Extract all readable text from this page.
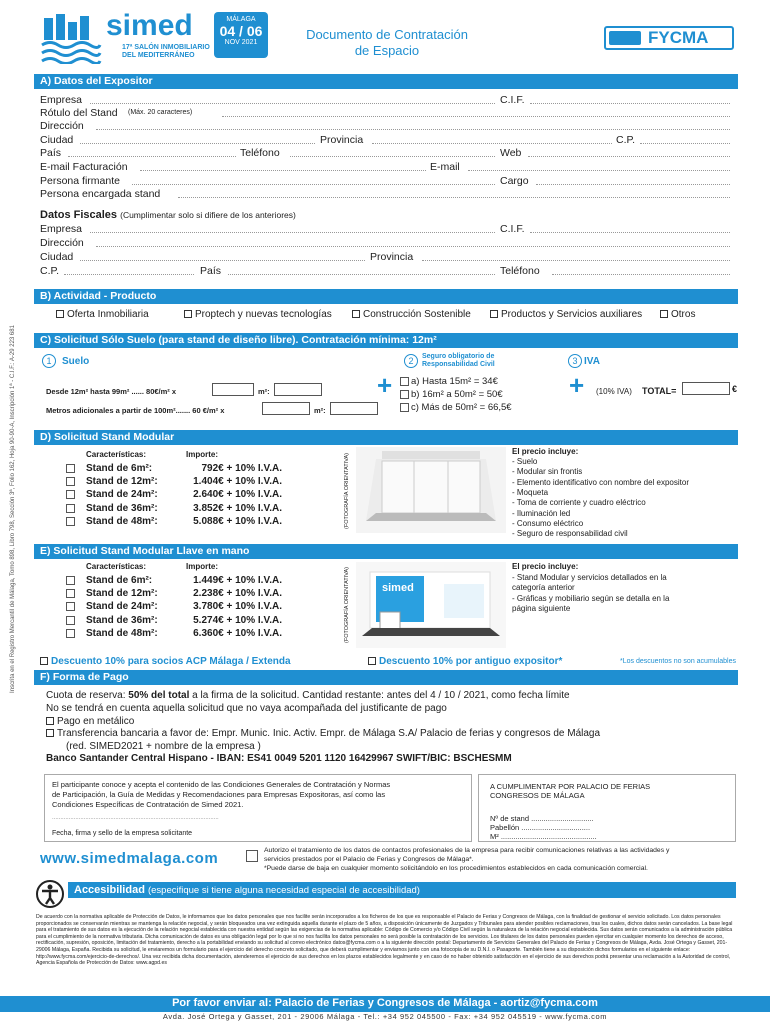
simed
17ª SALÓN INMOBILIARIO
DEL MEDITERRÁNEO
MÁLAGA
04 / 06
NOV 2021
Documento de Contratación
de Espacio
FYCMA
Inscrita en el Registro Mercantil de Málaga, Tomo 898, Libro 798, Sección 3ª, Folio 162, Hoja 90-90-A, Inscripción 1ª - C.I.F.: A-29 223 681
A) Datos del Expositor
Empresa	C.I.F.
Rótulo del Stand (Máx. 20 caracteres)
Dirección
Ciudad	Provincia	C.P.
País	Teléfono	Web
E-mail Facturación	E-mail
Persona firmante	Cargo
Persona encargada stand
Datos Fiscales (Cumplimentar solo si difiere de los anteriores)
Empresa	C.I.F.
Dirección
Ciudad	Provincia
C.P.	País	Teléfono
B) Actividad - Producto
Oferta Inmobiliaria	Proptech y nuevas tecnologías	Construcción Sostenible	Productos y Servicios auxiliares	Otros
C) Solicitud Sólo Suelo (para stand de diseño libre). Contratación mínima: 12m²
1	Suelo
Desde 12m² hasta 99m² ...... 80€/m² x	m²:
Metros adicionales a partir de 100m²....... 60 €/m² x	m²:
+
2	Seguro obligatorio de Responsabilidad Civil
a) Hasta 15m² = 34€
b) 16m² a 50m² = 50€
c) Más de 50m² = 66,5€
+
3 IVA
(10% IVA) TOTAL=	€
D) Solicitud Stand Modular
Características:	Importe:
Stand de 6m²:	792€ + 10% I.V.A.
Stand de 12m²:	1.404€ + 10% I.V.A.
Stand de 24m²:	2.640€ + 10% I.V.A.
Stand de 36m²:	3.852€ + 10% I.V.A.
Stand de 48m²:	5.088€ + 10% I.V.A.	(FOTOGRAFÍA ORIENTATIVA)
El precio incluye:
- Suelo
- Modular sin frontis
- Elemento identificativo con nombre del expositor
- Moqueta
- Toma de corriente y cuadro eléctrico
- Iluminación led
- Consumo eléctrico
- Seguro de responsabilidad civil
E) Solicitud Stand Modular Llave en mano
Características:	Importe:
Stand de 6m²:	1.449€ + 10% I.V.A.
Stand de 12m²:	2.238€ + 10% I.V.A.
Stand de 24m²:	3.780€ + 10% I.V.A.
Stand de 36m²:	5.274€ + 10% I.V.A.
Stand de 48m²:	6.360€ + 10% I.V.A.	(FOTOGRAFÍA ORIENTATIVA)	simed
El precio incluye:
- Stand Modular y servicios detallados en la
categoría anterior
- Gráficas y mobiliario según se detalla en la
página siguiente
Descuento 10% para socios ACP Málaga / Extenda	Descuento 10% por antiguo expositor*	*Los descuentos no son acumulables
F) Forma de Pago
Cuota de reserva: 50% del total a la firma de la solicitud. Cantidad restante: antes del 4 / 10 / 2021, como fecha límite
No se tendrá en cuenta aquella solicitud que no vaya acompañada del justificante de pago
Pago en metálico
Transferencia bancaria a favor de: Empr. Munic. Inic. Activ. Empr. de Málaga S.A/ Palacio de ferias y congresos de Málaga
(red. SIMED2021 + nombre de la empresa )
Banco Santander Central Hispano - IBAN: ES41 0049 5201 1120 16429967 SWIFT/BIC: BSCHESMM
El participante conoce y acepta el contenido de las Condiciones Generales de Contratación y Normas
de Participación, la Guía de Medidas y Recomendaciones para Empresas Expositoras, así como las
Condiciones Específicas de Contratación de Simed 2021.
....................................................................................................
Fecha, firma y sello de la empresa solicitante
A CUMPLIMENTAR POR PALACIO DE FERIAS
CONGRESOS DE MÁLAGA
Nº de stand ..............................
Pabellón .................................
M² ..............................................
www.simedmalaga.com	Autorizo el tratamiento de los datos de contactos profesionales de la empresa para recibir comunicaciones relativas a las actividades y
servicios prestados por el Palacio de Ferias y Congresos de Málaga*.
*Puede darse de baja en cualquier momento solicitándolo en los procedimientos establecidos en cada comunicación comercial.
Accesibilidad (especifique si tiene alguna necesidad especial de accesibilidad)
De acuerdo con la normativa aplicable de Protección de Datos, le informamos que los datos personales que nos facilite serán incorporados a los ficheros de los que es responsable el Palacio de Ferias y Congresos de Málaga, con la finalidad de gestionar el servicio solicitado. Los datos personales proporcionados se conservarán mientras se mantenga la relación negocial, y serán bloqueados una vez extinguida aquella durante el plazo de 5 años, a disposición únicamente de Juzgados y Tribunales para atender posibles reclamaciones, tras los cuales, dichos datos serán cancelados. La base legal para el tratamiento de sus datos es la ejecución de la relación negocial establecida con nuestra entidad según las exigencias de la normativa aplicable: Código de Comercio y/o Código Civil según la naturaleza de la relación negocial establecida. Sus datos serán comunicados a la administración pública para el cumplimiento de la normativa tributaria. Dicha comunicación de datos es una obligación legal por lo que si no nos facilita los datos personales no será posible la contratación de los servicios. Los titulares de los datos personales pueden ejercitar en cualquier momento los derechos de acceso, rectificación, supresión, oposición, limitación del tratamiento, derecho a la portabilidad enviando su solicitud al correo electrónico datos@fycma.com o a la siguiente dirección postal: Departamento de Servicios Generales del Palacio de Ferias y Congresos de Málaga, Avda. José Ortega y Gasset, 201-29006 Málaga, España. Recibida su solicitud, le enviaremos un formulario para el ejercicio del derecho concreto solicitado, que deberá cumplimentar y enviarnos junto con una fotocopia de su D.N.I. o Pasaporte. También tiene a su disposición dichos formularios en el siguiente enlace: http://www.fycma.com/ejercicio-de-derechos/. Una vez recibida dicha documentación, atenderemos el ejercicio de sus derechos en los plazos establecidos legalmente y en caso de no haber obtenido satisfacción en el ejercicio de sus derechos podrá presentar una reclamación a la Autoridad de control, Agencia Española de Protección de Datos: www.agpd.es
Por favor enviar al: Palacio de Ferias y Congresos de Málaga - aortiz@fycma.com
Avda. José Ortega y Gasset, 201 - 29006 Málaga - Tel.: +34 952 045500 - Fax: +34 952 045519 - www.fycma.com
